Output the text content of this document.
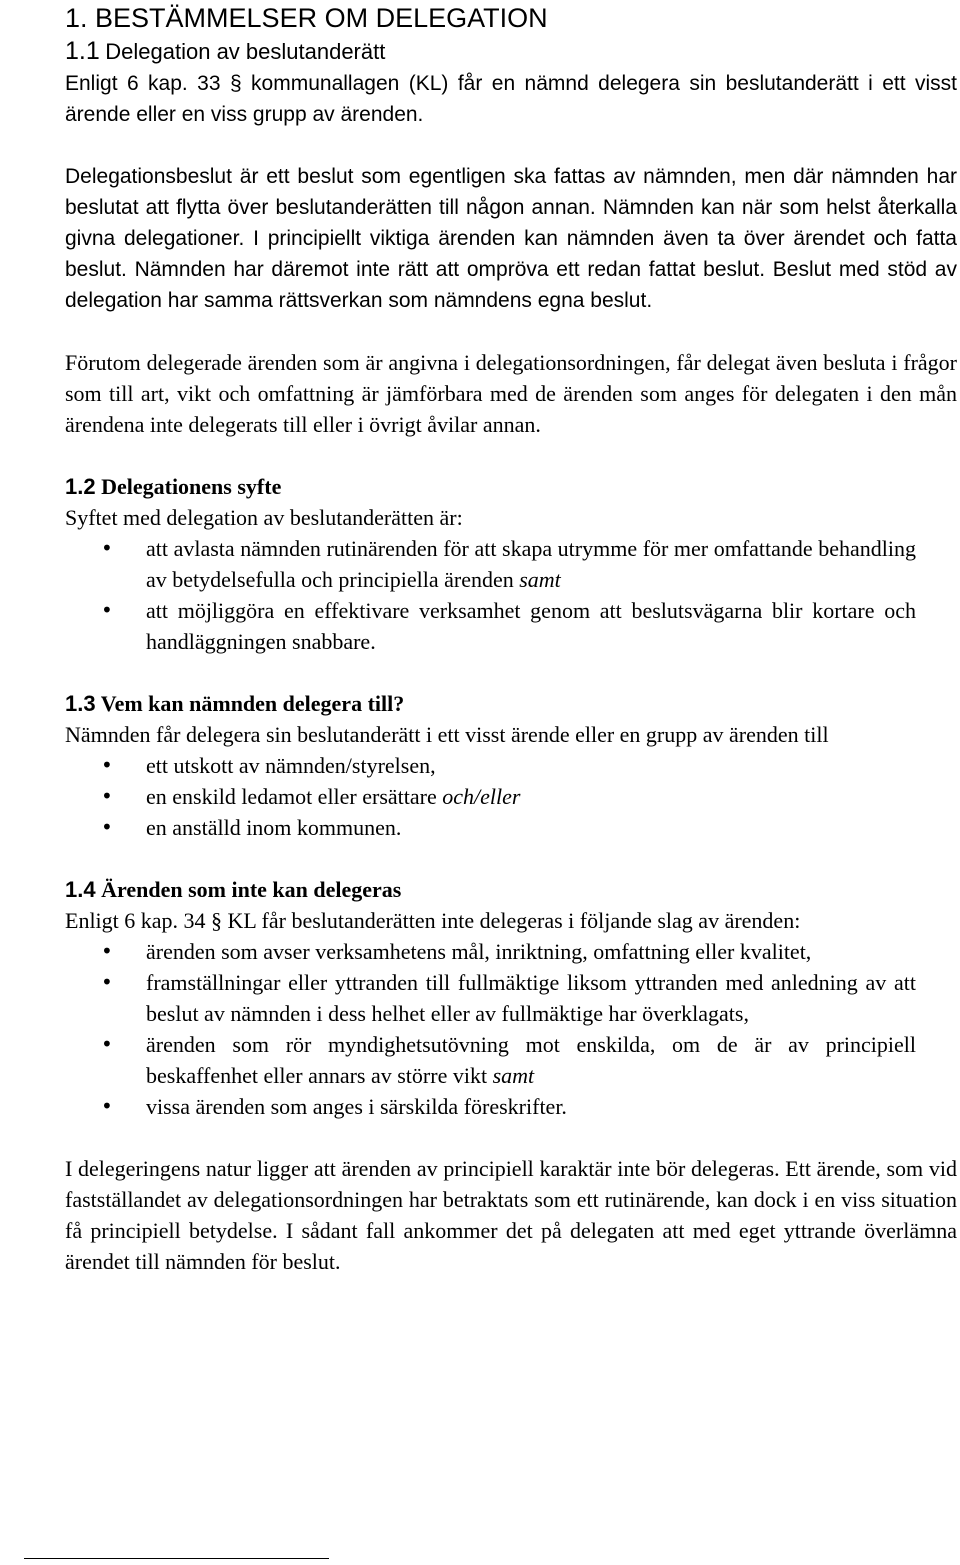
1. BESTÄMMELSER OM DELEGATION
1.1 Delegation av beslutanderätt

Enligt 6 kap. 33 § kommunallagen (KL) får en nämnd delegera sin beslutanderätt i ett visst ärende eller en viss grupp av ärenden.

Delegationsbeslut är ett beslut som egentligen ska fattas av nämnden, men där nämnden har beslutat att flytta över beslutanderätten till någon annan. Nämnden kan när som helst återkalla givna delegationer. I principiellt viktiga ärenden kan nämnden även ta över ärendet och fatta beslut. Nämnden har däremot inte rätt att ompröva ett redan fattat beslut. Beslut med stöd av delegation har samma rättsverkan som nämndens egna beslut.

Förutom delegerade ärenden som är angivna i delegationsordningen, får delegat även besluta i frågor som till art, vikt och omfattning är jämförbara med de ärenden som anges för delegaten i den mån ärendena inte delegerats till eller i övrigt åvilar annan.

1.2 Delegationens syfte

Syftet med delegation av beslutanderätten är:

• att avlasta nämnden rutinärenden för att skapa utrymme för mer omfattande behandling av betydelsefulla och principiella ärenden samt
• att möjliggöra en effektivare verksamhet genom att beslutsvägarna blir kortare och handläggningen snabbare.
1.3 Vem kan nämnden delegera till?

Nämnden får delegera sin beslutanderätt i ett visst ärende eller en grupp av ärenden till

• ett utskott av nämnden/styrelsen,
• en enskild ledamot eller ersättare och/eller
• en anställd inom kommunen.
1.4 Ärenden som inte kan delegeras

Enligt 6 kap. 34 § KL får beslutanderätten inte delegeras i följande slag av ärenden:

• ärenden som avser verksamhetens mål, inriktning, omfattning eller kvalitet,
• framställningar eller yttranden till fullmäktige liksom yttranden med anledning av att beslut av nämnden i dess helhet eller av fullmäktige har överklagats,
• ärenden som rör myndighetsutövning mot enskilda, om de är av principiell beskaffenhet eller annars av större vikt samt
• vissa ärenden som anges i särskilda föreskrifter.

I delegeringens natur ligger att ärenden av principiell karaktär inte bör delegeras. Ett ärende, som vid fastställandet av delegationsordningen har betraktats som ett rutinärende, kan dock i en viss situation få principiell betydelse. I sådant fall ankommer det på delegaten att med eget yttrande överlämna ärendet till nämnden för beslut.
